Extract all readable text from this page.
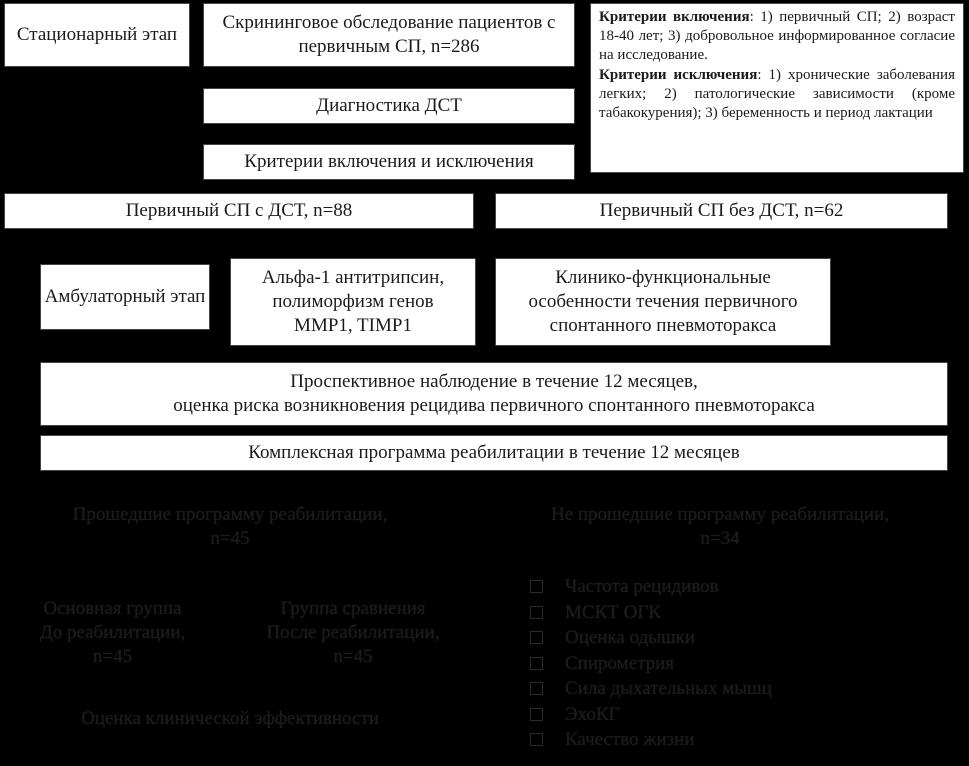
Стационарный этап
Скрининговое обследование пациентов с первичным СП, n=286
Критерии включения: 1) первичный СП; 2) возраст 18-40 лет; 3) добровольное информированное согласие на исследование.
Критерии исключения: 1) хронические заболевания легких; 2) патологические зависимости (кроме табакокурения); 3) беременность и период лактации
Диагностика ДСТ
Критерии включения и исключения
Первичный СП с ДСТ, n=88	Первичный СП без ДСТ, n=62
Амбулаторный этап
Альфа-1 антитрипсин, полиморфизм генов MMP1, TIMP1
Клинико-функциональные особенности течения первичного спонтанного пневмоторакса
Проспективное наблюдение в течение 12 месяцев,
оценка риска возникновения рецидива первичного спонтанного пневмоторакса
Комплексная программа реабилитации в течение 12 месяцев
Прошедшие программу реабилитации,
n=45
Не прошедшие программу реабилитации,
n=34
Основная группа
До реабилитации,
n=45
Группа сравнения
После реабилитации,
n=45
Оценка клинической эффективности
Частота рецидивов
МСКТ ОГК
Оценка одышки
Спирометрия
Сила дыхательных мышц
ЭхоКГ
Качество жизни
